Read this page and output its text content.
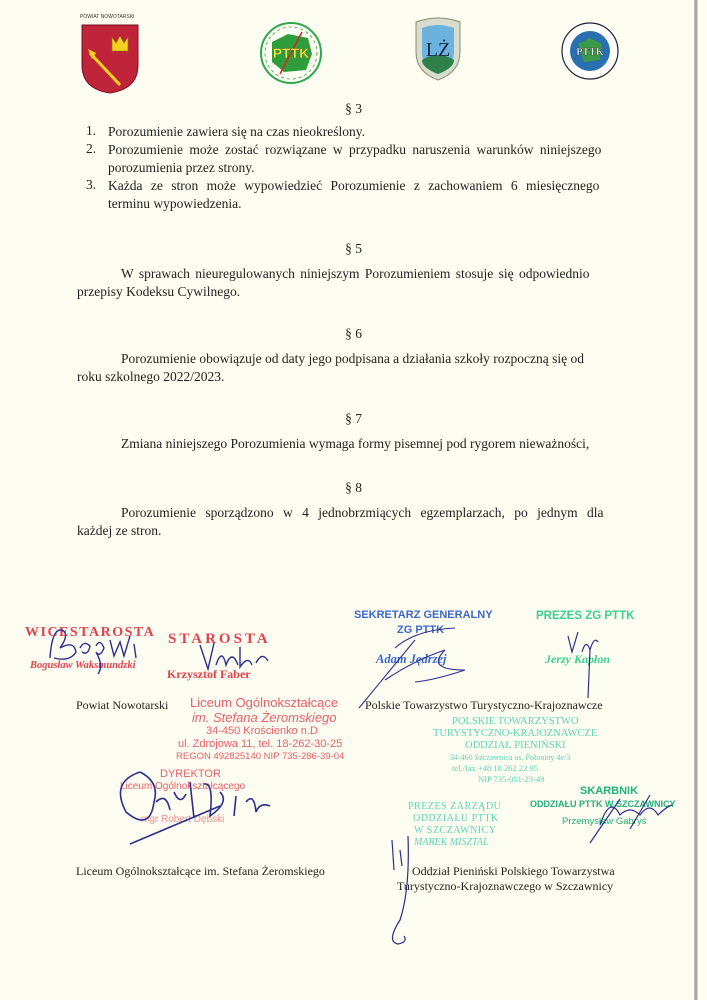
POWIAT NOWOTARSKI
PTTK	LŻ	PTTK
§ 3
1. Porozumienie zawiera się na czas nieokreślony.
2. Porozumienie może zostać rozwiązane w przypadku naruszenia warunków niniejszego
porozumienia przez strony.
3. Każda ze stron może wypowiedzieć Porozumienie z zachowaniem 6 miesięcznego
terminu wypowiedzenia.
§ 5
W sprawach nieuregulowanych niniejszym Porozumieniem stosuje się odpowiednio
przepisy Kodeksu Cywilnego.
§ 6
Porozumienie obowiązuje od daty jego podpisana a działania szkoły rozpoczną się od
roku szkolnego 2022/2023.
§ 7
Zmiana niniejszego Porozumienia wymaga formy pisemnej pod rygorem nieważności,
§ 8
Porozumienie sporządzono w 4 jednobrzmiących egzemplarzach, po jednym dla
każdej ze stron.
WICESTAROSTA
Bogusław Waksmundzki
STAROSTA
Krzysztof Faber
SEKRETARZ GENERALNY
ZG PTTK
Adam Jędrzej
PREZES ZG PTTK
Jerzy Kapłon
Powiat Nowotarski	Polskie Towarzystwo Turystyczno-Krajoznawcze
Liceum Ogólnokształcące
im. Stefana Żeromskiego
34-450 Krościenko n.D
ul. Zdrojowa 11, tel. 18-262-30-25
REGON 492825140 NIP 735-286-39-04
DYREKTOR
Liceum Ogólnokształcącego
mgr Robert Dębski
POLSKIE TOWARZYSTWO
TURYSTYCZNO-KRAJOZNAWCZE
ODDZIAŁ PIENIŃSKI
34-460 Szczawnica os. Połoniny 4e/3
tel./fax +48 18 262 22 95
NIP 735-001-23-49
PREZES ZARZĄDU
ODDZIAŁU PTTK
W SZCZAWNICY
MAREK MISZTAL
SKARBNIK
ODDZIAŁU PTTK W SZCZAWNICY
Przemysław Gabryś
Liceum Ogólnokształcące im. Stefana Żeromskiego	Oddział Pieniński Polskiego Towarzystwa
Turystyczno-Krajoznawczego w Szczawnicy
